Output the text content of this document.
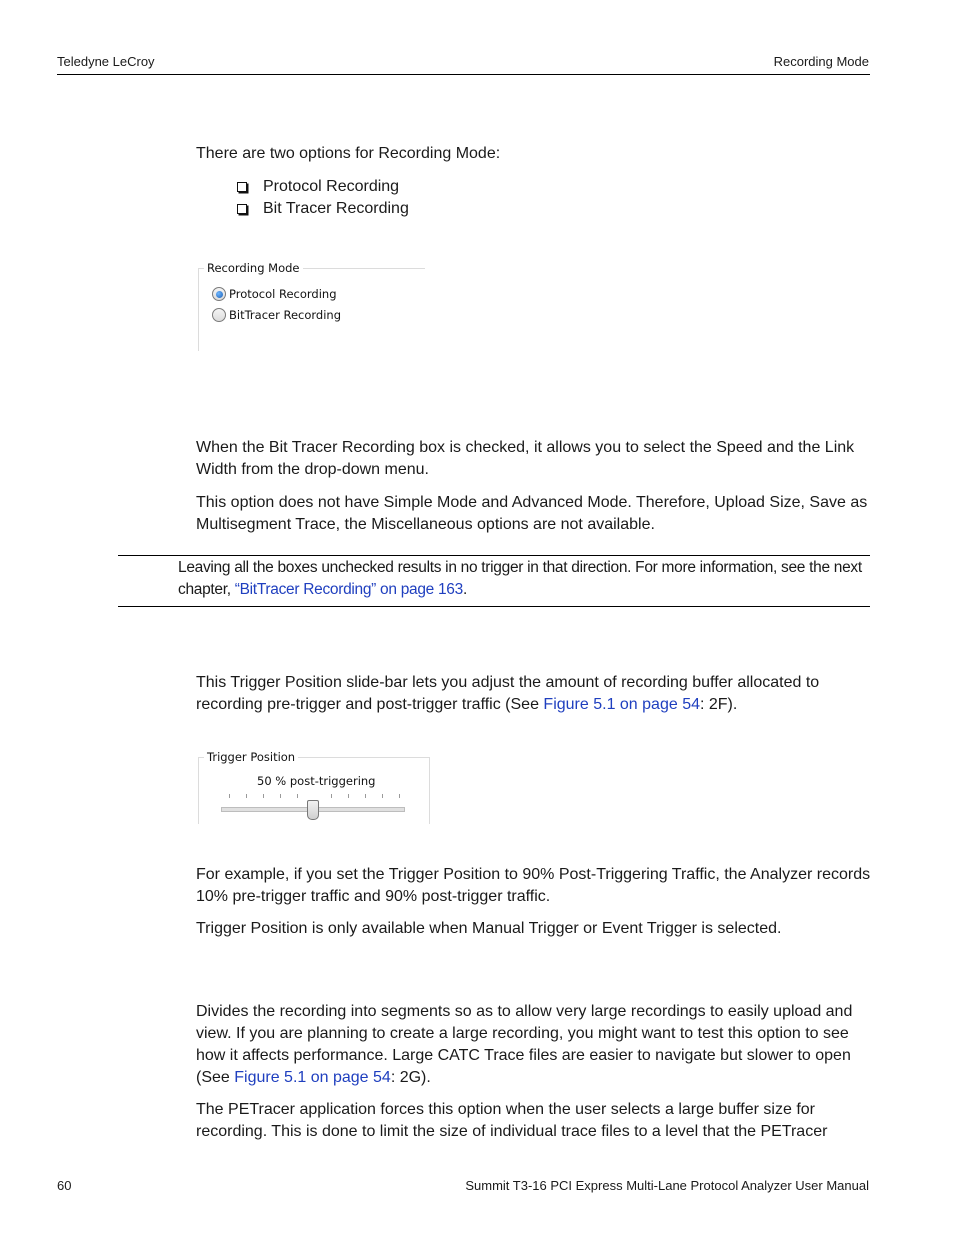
Teledyne LeCroy	Recording Mode
There are two options for Recording Mode:
Protocol Recording
Bit Tracer Recording
Recording Mode
Protocol Recording
BitTracer Recording
When the Bit Tracer Recording box is checked, it allows you to select the Speed and the Link Width from the drop-down menu.
This option does not have Simple Mode and Advanced Mode. Therefore, Upload Size, Save as Multisegment Trace, the Miscellaneous options are not available.
Leaving all the boxes unchecked results in no trigger in that direction. For more information, see the next chapter, “BitTracer Recording” on page 163.
This Trigger Position slide-bar lets you adjust the amount of recording buffer allocated to recording pre-trigger and post-trigger traffic (See Figure 5.1 on page 54: 2F).
Trigger Position
50 % post-triggering
For example, if you set the Trigger Position to 90% Post-Triggering Traffic, the Analyzer records 10% pre-trigger traffic and 90% post-trigger traffic.
Trigger Position is only available when Manual Trigger or Event Trigger is selected.
Divides the recording into segments so as to allow very large recordings to easily upload and view. If you are planning to create a large recording, you might want to test this option to see how it affects performance. Large CATC Trace files are easier to navigate but slower to open (See Figure 5.1 on page 54: 2G).
The PETracer application forces this option when the user selects a large buffer size for recording. This is done to limit the size of individual trace files to a level that the PETracer
60	Summit T3-16 PCI Express Multi-Lane Protocol Analyzer User Manual
